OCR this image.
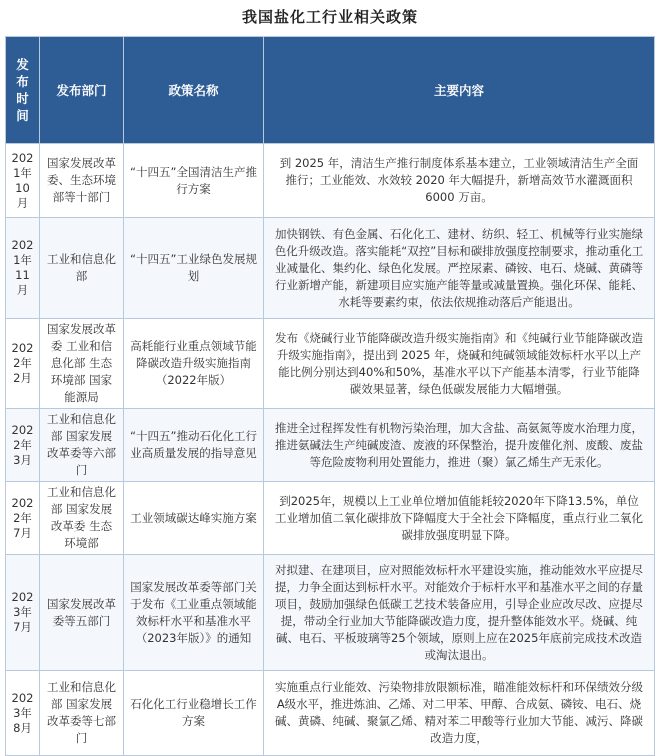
我国盐化工行业相关政策
发布时间	发布部门	政策名称	主要内容

2021年10月	国家发展改革委、生态环境部等十部门	“十四五”全国清洁生产推行方案	到 2025 年，清洁生产推行制度体系基本建立，工业领域清洁生产全面推行；工业能效、水效较 2020 年大幅提升，新增高效节水灌溉面积 6000 万亩。

2021年11月	工业和信息化部	“十四五”工业绿色发展规划	加快钢铁、有色金属、石化化工、建材、纺织、轻工、机械等行业实施绿色化升级改造。落实能耗“双控”目标和碳排放强度控制要求，推动重化工业减量化、集约化、绿色化发展。严控尿素、磷铵、电石、烧碱、黄磷等行业新增产能，新建项目应实施产能等量或减量置换。强化环保、能耗、水耗等要素约束，依法依规推动落后产能退出。

2022年2月	国家发展改革委 工业和信息化部 生态环境部 国家能源局	高耗能行业重点领域节能降碳改造升级实施指南（2022年版）	发布《烧碱行业节能降碳改造升级实施指南》和《纯碱行业节能降碳改造升级实施指南》，提出到 2025 年，烧碱和纯碱领域能效标杆水平以上产能比例分别达到40%和50%，基准水平以下产能基本清零，行业节能降碳效果显著，绿色低碳发展能力大幅增强。

2022年3月	工业和信息化部 国家发展改革委等六部门	“十四五”推动石化化工行业高质量发展的指导意见	推进全过程挥发性有机物污染治理，加大含盐、高氨氮等废水治理力度，推进氨碱法生产纯碱废渣、废液的环保整治，提升废催化剂、废酸、废盐等危险废物利用处置能力，推进（聚）氯乙烯生产无汞化。

2022年7月	工业和信息化部 国家发展改革委 生态环境部	工业领域碳达峰实施方案	到2025年，规模以上工业单位增加值能耗较2020年下降13.5%，单位工业增加值二氧化碳排放下降幅度大于全社会下降幅度，重点行业二氧化碳排放强度明显下降。

2023年7月	国家发展改革委等五部门	国家发展改革委等部门关于发布《工业重点领域能效标杆水平和基准水平（2023年版）》的通知	对拟建、在建项目，应对照能效标杆水平建设实施，推动能效水平应提尽提，力争全面达到标杆水平。对能效介于标杆水平和基准水平之间的存量项目，鼓励加强绿色低碳工艺技术装备应用，引导企业应改尽改、应提尽提，带动全行业加大节能降碳改造力度，提升整体能效水平。烧碱、纯碱、电石、平板玻璃等25个领域，原则上应在2025年底前完成技术改造或淘汰退出。

2023年8月	工业和信息化部 国家发展改革委等七部门	石化化工行业稳增长工作方案	实施重点行业能效、污染物排放限额标准，瞄准能效标杆和环保绩效分级A级水平，推进炼油、乙烯、对二甲苯、甲醇、合成氨、磷铵、电石、烧碱、黄磷、纯碱、聚氯乙烯、精对苯二甲酸等行业加大节能、减污、降碳改造力度，
